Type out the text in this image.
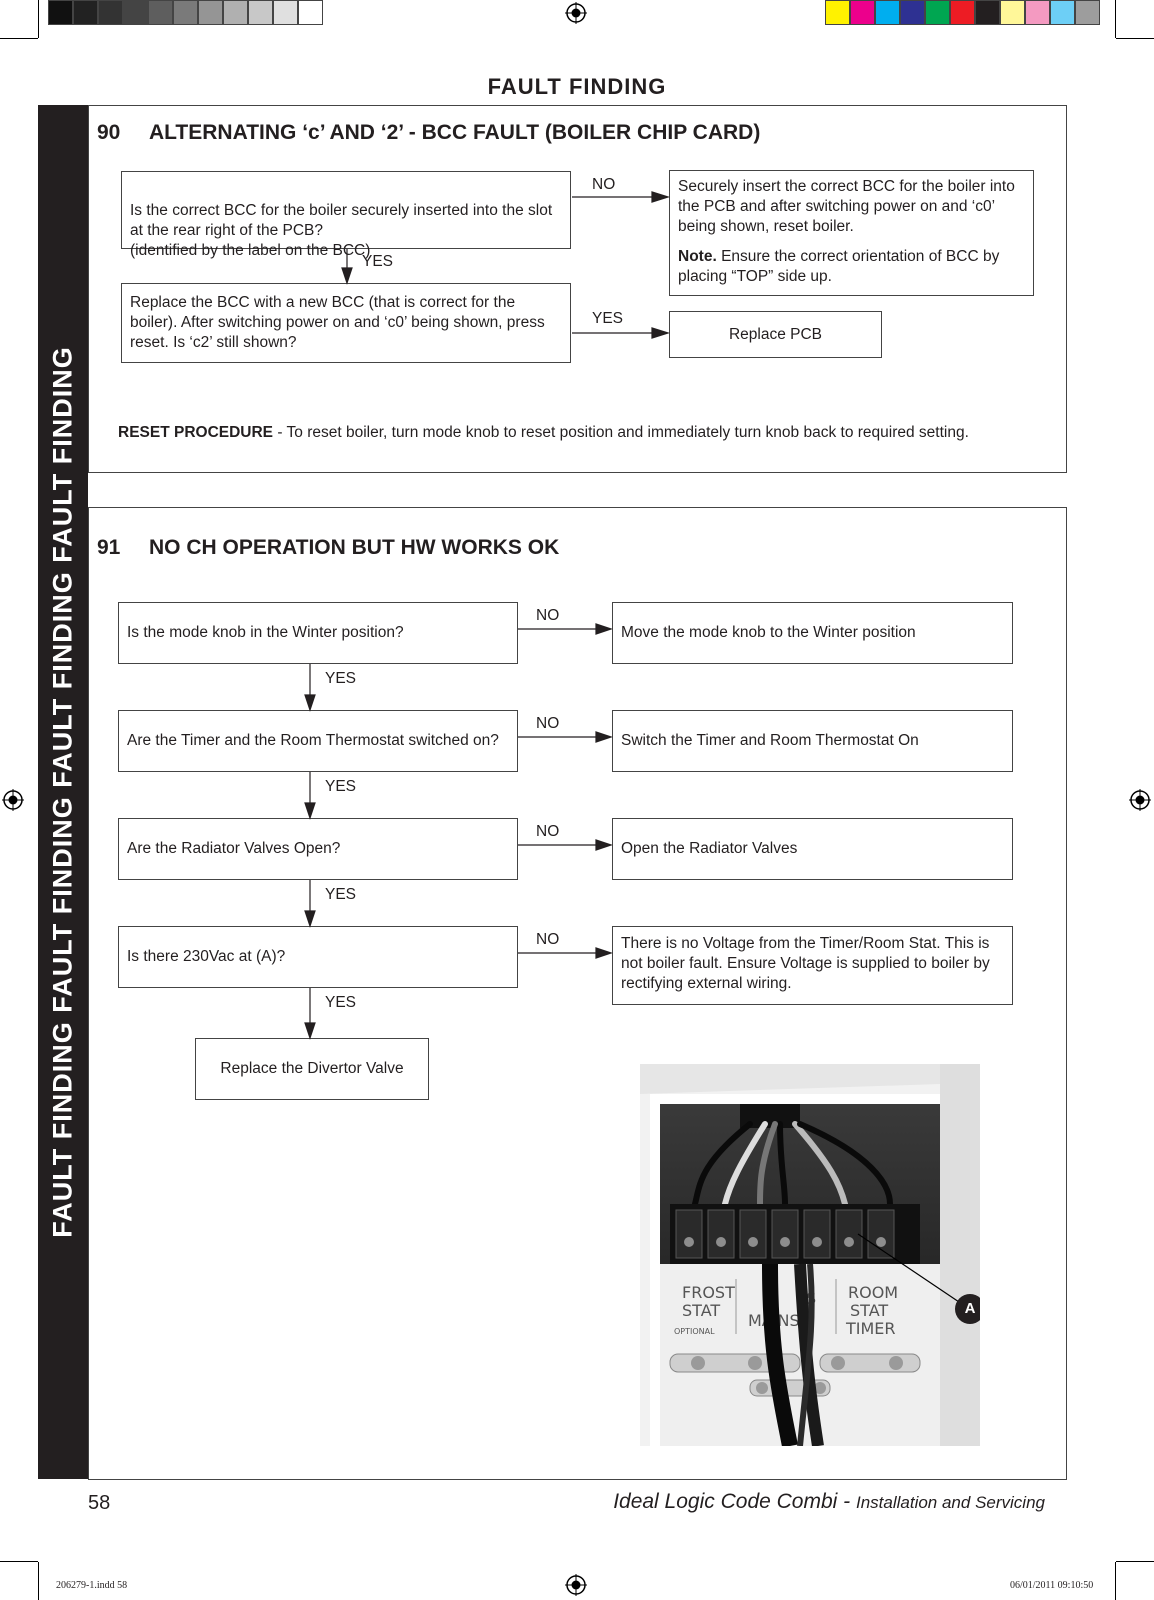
FAULT FINDING
FAULT FINDING FAULT FINDING FAULT FINDING FAULT FINDING
90 ALTERNATING ‘c’ AND ‘2’ - BCC FAULT (BOILER CHIP CARD)

Is the correct BCC for the boiler securely inserted into the slot at the rear right of the PCB?
(identified by the label on the BCC)

Securely insert the correct BCC for the boiler into the PCB and after switching power on and ‘c0’ being shown, reset boiler.

Note. Ensure the correct orientation of BCC by placing “TOP” side up.

Replace the BCC with a new BCC (that is correct for the boiler). After switching power on and ‘c0’ being shown, press reset. Is ‘c2’ still shown?	Replace PCB
NO
YES
YES
RESET PROCEDURE - To reset boiler, turn mode knob to reset position and immediately turn knob back to required setting.
91 NO CH OPERATION BUT HW WORKS OK
Is the mode knob in the Winter position?	Move the mode knob to the Winter position
NO
YES
Are the Timer and the Room Thermostat switched on?	Switch the Timer and Room Thermostat On
NO
YES
Are the Radiator Valves Open?	Open the Radiator Valves
NO
YES
Is there 230Vac at (A)?
There is no Voltage from the Timer/Room Stat. This is not boiler fault. Ensure Voltage is supplied to boiler by rectifying external wiring.
NO
YES
Replace the Divertor Valve
FROST
STAT
OPTIONAL
MAINS
S ROOM
STAT
TIMER
A
58	Ideal Logic Code Combi - Installation and Servicing
206279-1.indd 58	06/01/2011 09:10:50
